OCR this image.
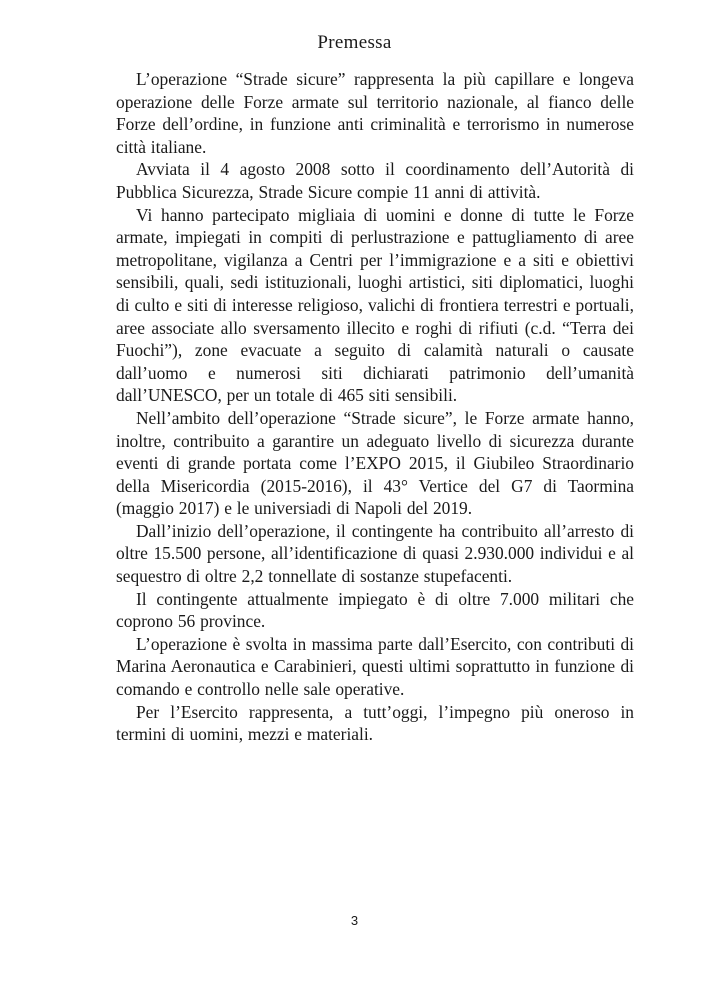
Premessa

L’operazione “Strade sicure” rappresenta la più capillare e longeva operazione delle Forze armate sul territorio nazionale, al fianco delle Forze dell’ordine, in funzione anti criminalità e terrorismo in numerose città italiane.

Avviata il 4 agosto 2008 sotto il coordinamento dell’Autorità di Pubblica Sicurezza, Strade Sicure compie 11 anni di attività.

Vi hanno partecipato migliaia di uomini e donne di tutte le Forze armate, impiegati in compiti di perlustrazione e pattugliamento di aree metropolitane, vigilanza a Centri per l’immigrazione e a siti e obiettivi sensibili, quali, sedi istituzionali, luoghi artistici, siti diplomatici, luoghi di culto e siti di interesse religioso, valichi di frontiera terrestri e portuali, aree associate allo sversamento illecito e roghi di rifiuti (c.d. “Terra dei Fuochi”), zone evacuate a seguito di calamità naturali o causate dall’uomo e numerosi siti dichiarati patrimonio dell’umanità dall’UNESCO, per un totale di 465 siti sensibili.

Nell’ambito dell’operazione “Strade sicure”, le Forze armate hanno, inoltre, contribuito a garantire un adeguato livello di sicurezza durante eventi di grande portata come l’EXPO 2015, il Giubileo Straordinario della Misericordia (2015-2016), il 43° Vertice del G7 di Taormina (maggio 2017) e le universiadi di Napoli del 2019.

Dall’inizio dell’operazione, il contingente ha contribuito all’arresto di oltre 15.500 persone, all’identificazione di quasi 2.930.000 individui e al sequestro di oltre 2,2 tonnellate di sostanze stupefacenti.

Il contingente attualmente impiegato è di oltre 7.000 militari che coprono 56 province.

L’operazione è svolta in massima parte dall’Esercito, con contributi di Marina Aeronautica e Carabinieri, questi ultimi soprattutto in funzione di comando e controllo nelle sale operative.

Per l’Esercito rappresenta, a tutt’oggi, l’impegno più oneroso in termini di uomini, mezzi e materiali.

3
